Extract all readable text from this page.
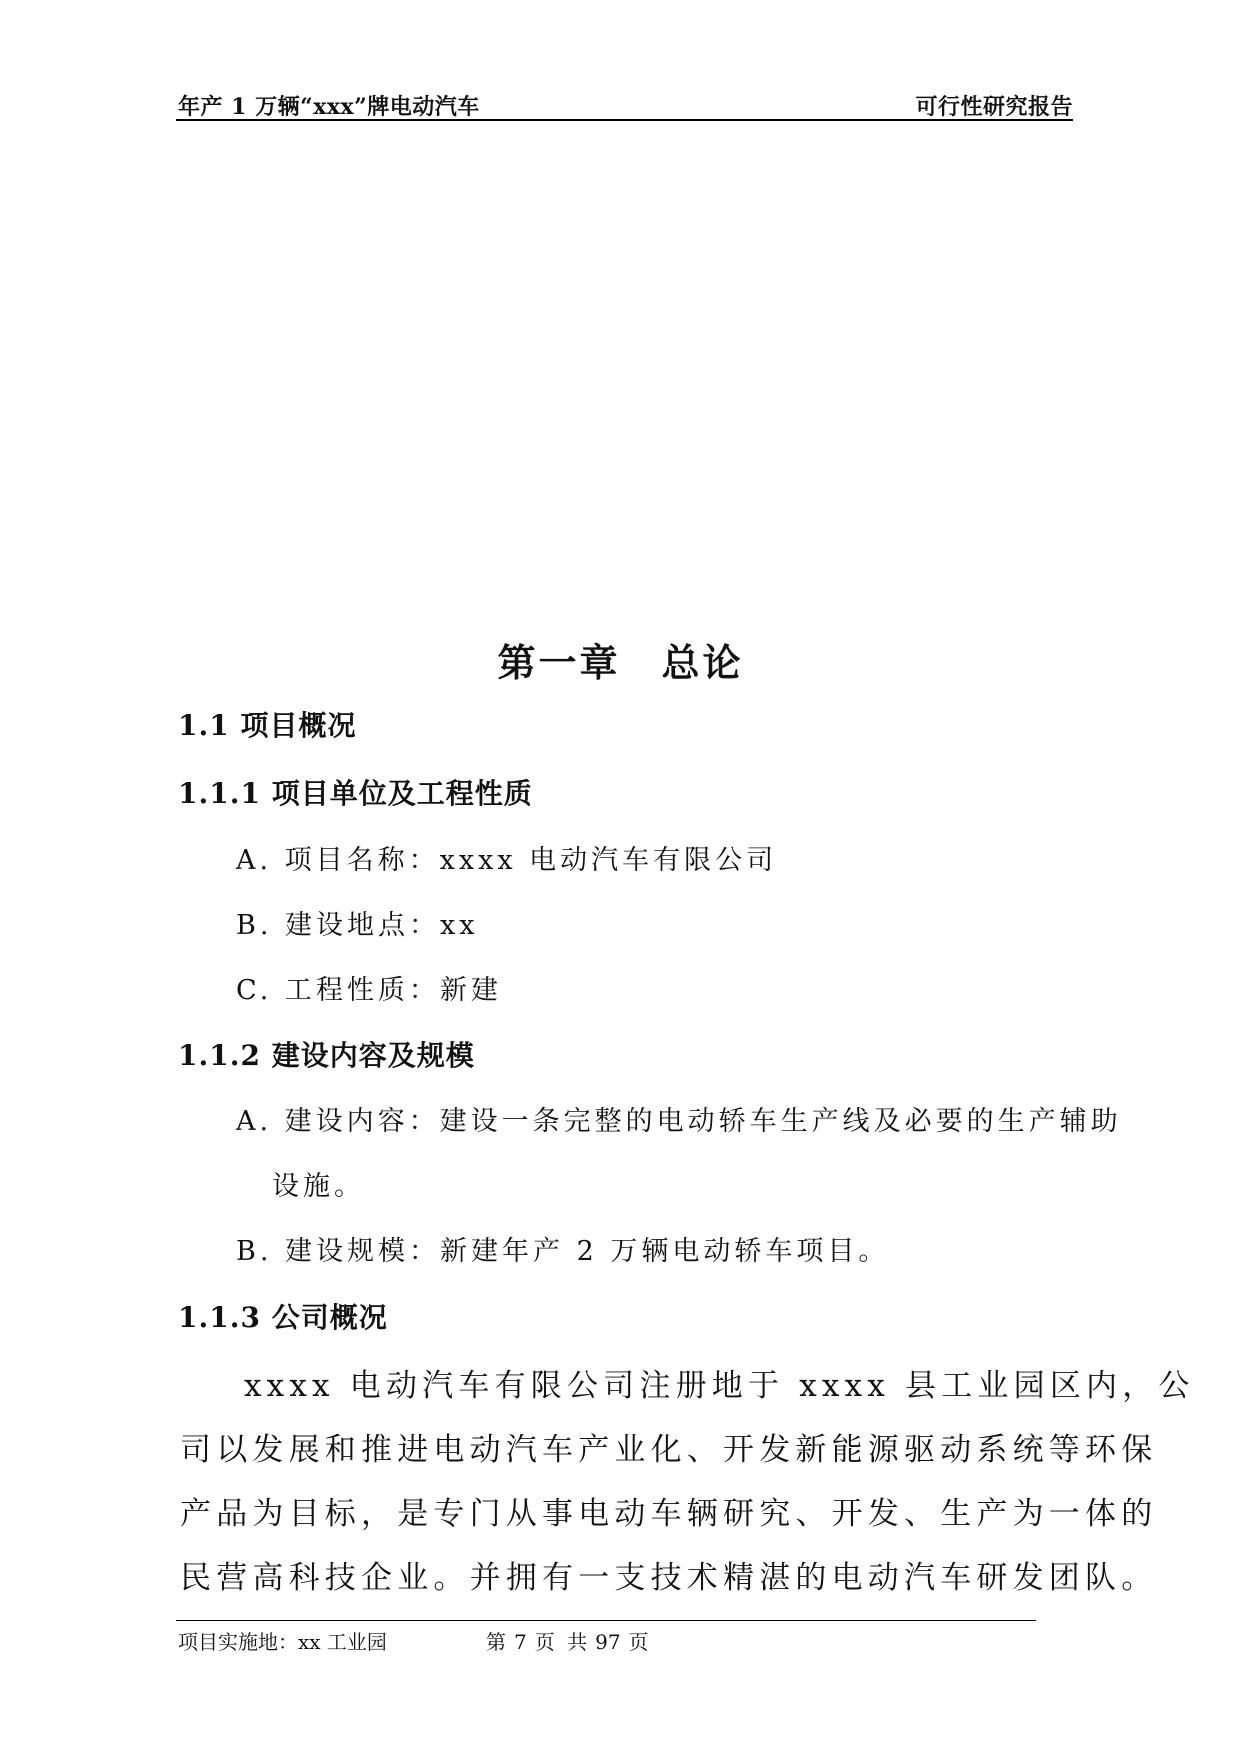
年产 1 万辆“xxx”牌电动汽车	可行性研究报告
第一章　总论
1.1 项目概况
1.1.1 项目单位及工程性质
A. 项目名称：xxxx 电动汽车有限公司
B. 建设地点：xx
C. 工程性质：新建
1.1.2 建设内容及规模
A. 建设内容：建设一条完整的电动轿车生产线及必要的生产辅助
设施。
B. 建设规模：新建年产 2 万辆电动轿车项目。
1.1.3 公司概况
xxxx 电动汽车有限公司注册地于 xxxx 县工业园区内，公
司以发展和推进电动汽车产业化、开发新能源驱动系统等环保
产品为目标，是专门从事电动车辆研究、开发、生产为一体的
民营高科技企业。并拥有一支技术精湛的电动汽车研发团队。
项目实施地：xx 工业园	第 7 页 共 97 页
